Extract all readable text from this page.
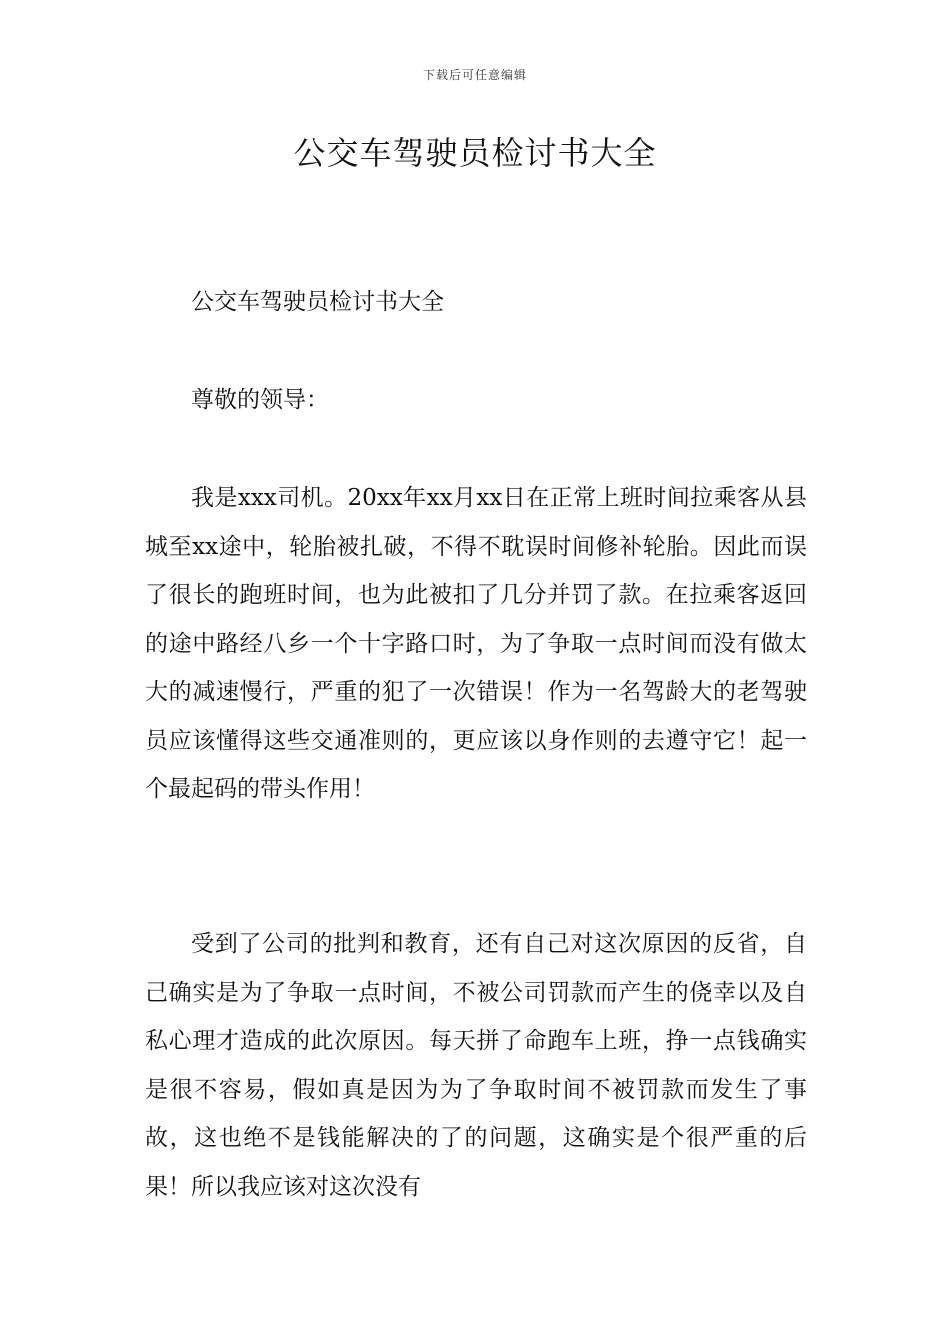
下载后可任意编辑
公交车驾驶员检讨书大全

公交车驾驶员检讨书大全

尊敬的领导：

我是xxx司机。20xx年xx月xx日在正常上班时间拉乘客从县城至xx途中，轮胎被扎破，不得不耽误时间修补轮胎。因此而误了很长的跑班时间，也为此被扣了几分并罚了款。在拉乘客返回的途中路经八乡一个十字路口时，为了争取一点时间而没有做太大的减速慢行，严重的犯了一次错误！作为一名驾龄大的老驾驶员应该懂得这些交通准则的，更应该以身作则的去遵守它！起一个最起码的带头作用！

受到了公司的批判和教育，还有自己对这次原因的反省，自己确实是为了争取一点时间，不被公司罚款而产生的侥幸以及自私心理才造成的此次原因。每天拼了命跑车上班，挣一点钱确实是很不容易，假如真是因为为了争取时间不被罚款而发生了事故，这也绝不是钱能解决的了的问题，这确实是个很严重的后果！所以我应该对这次没有
